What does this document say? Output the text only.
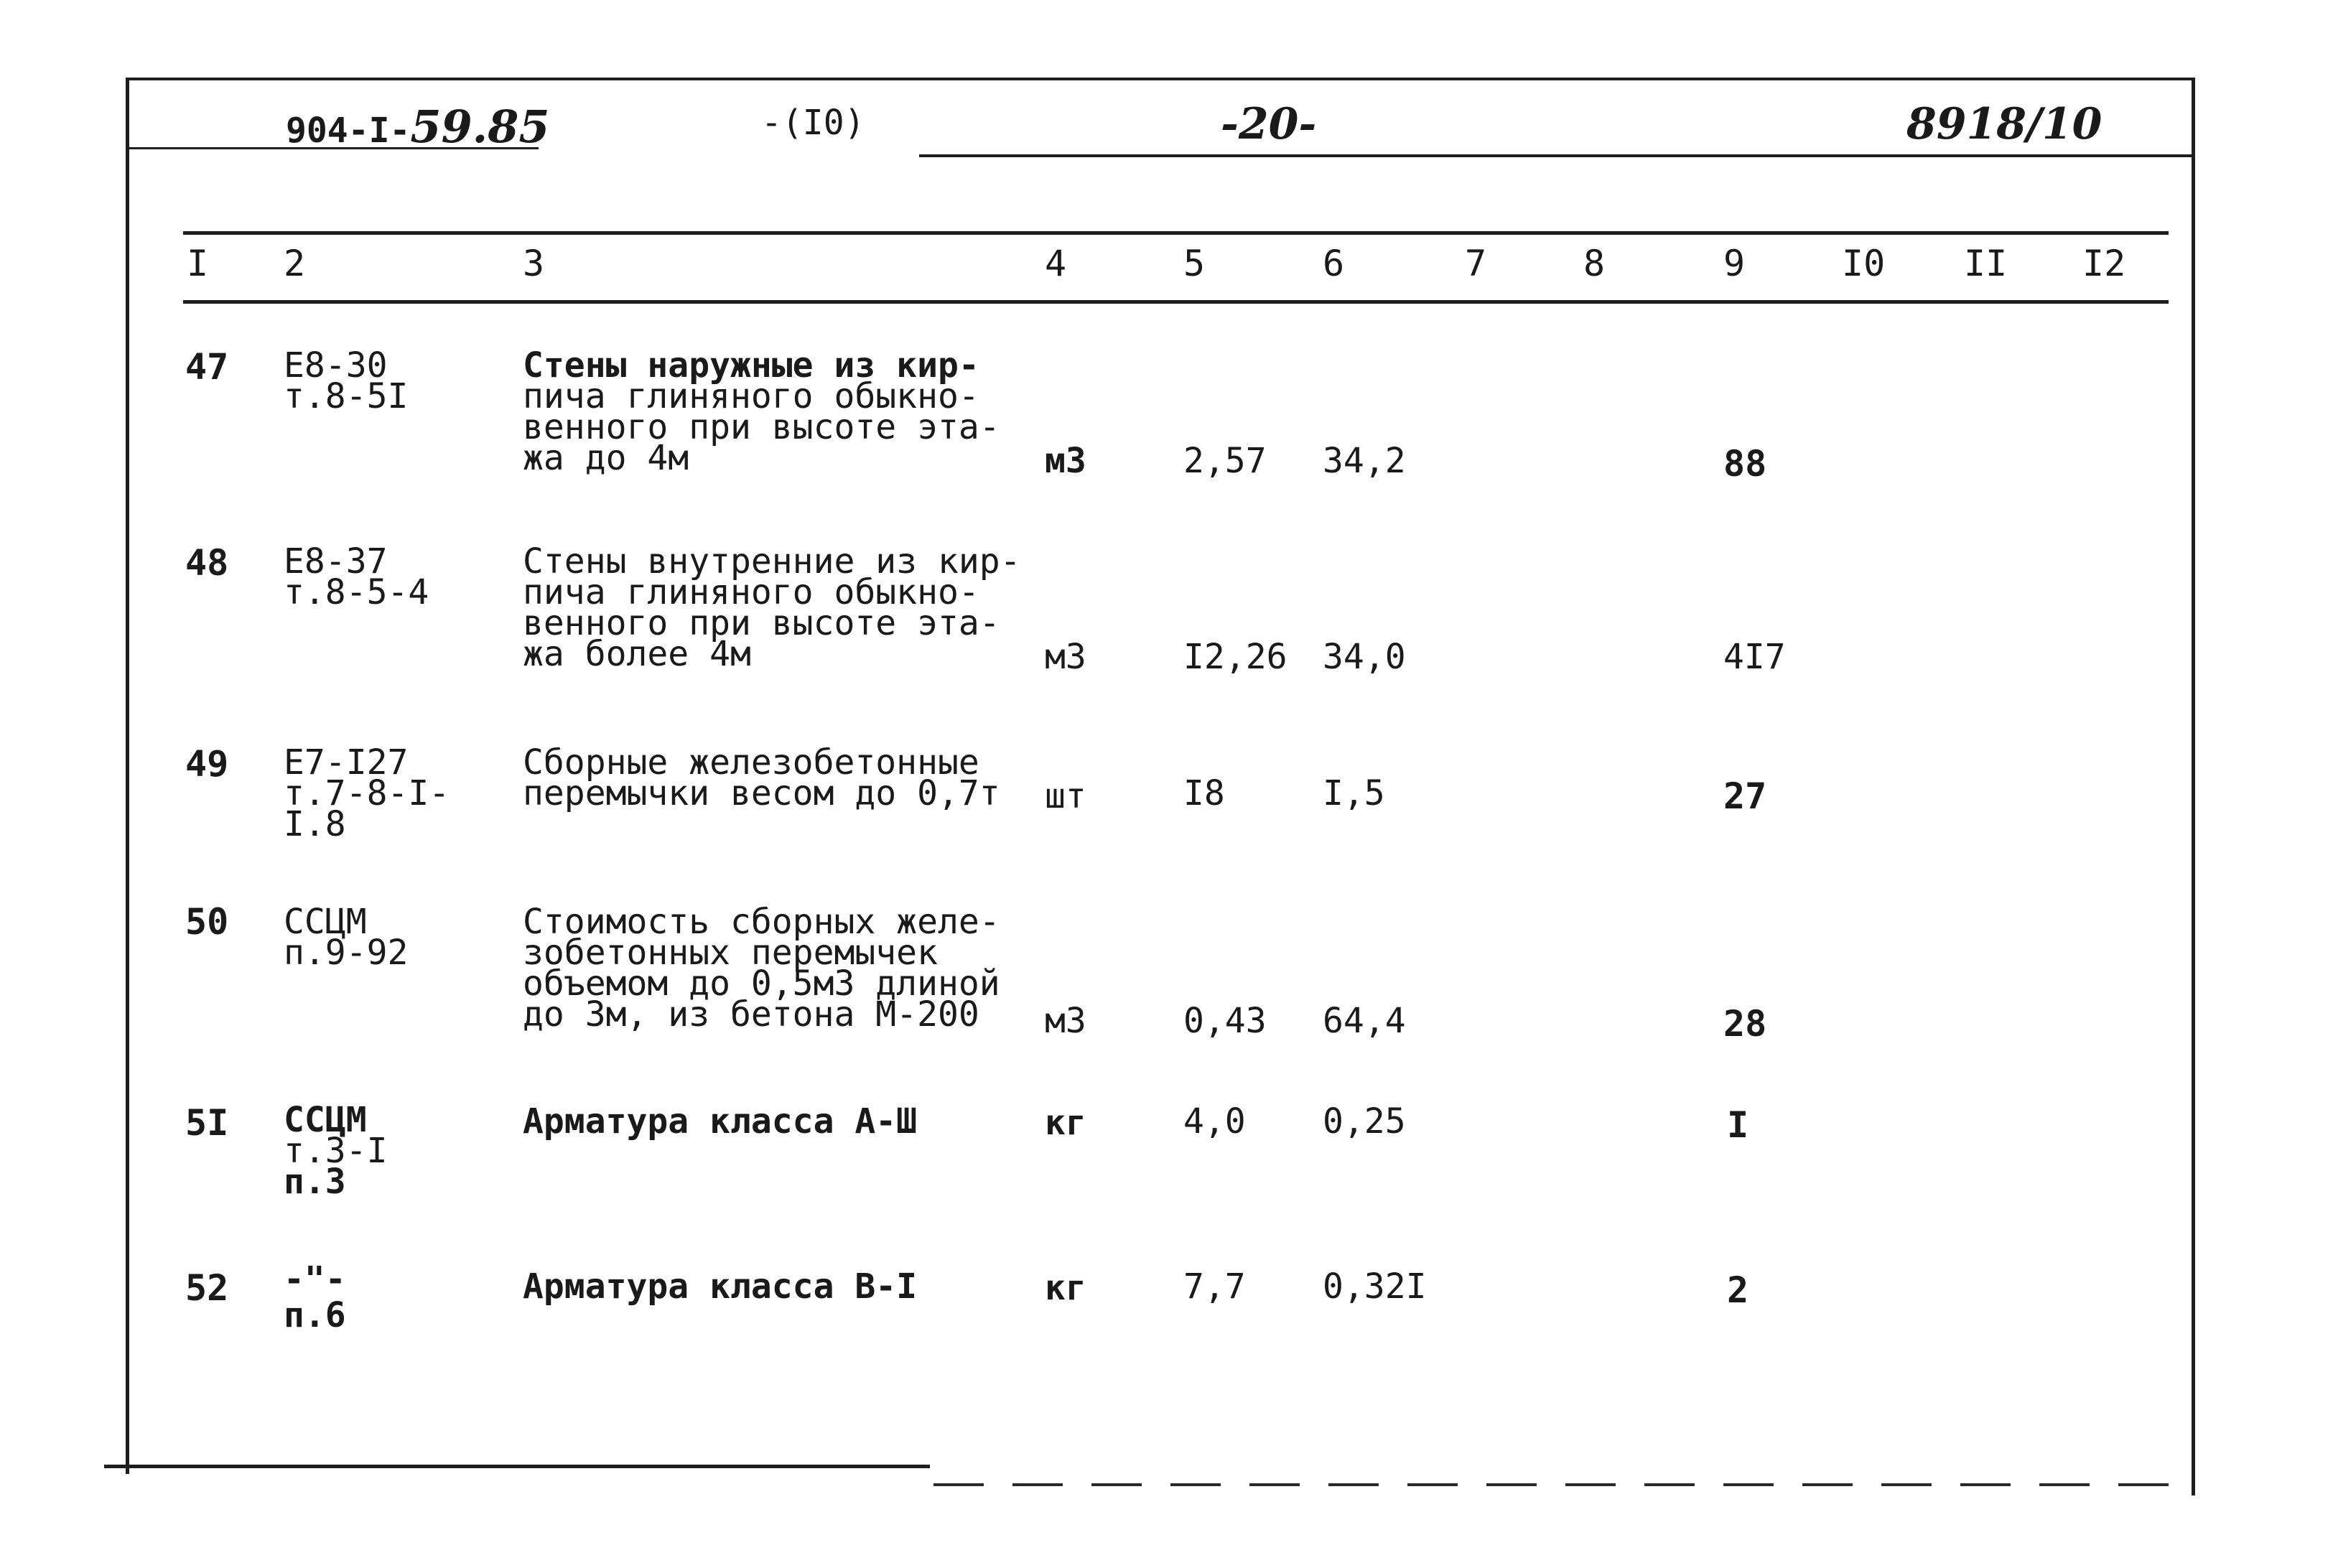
904-I-59.85	-(I0)	-20-	8918/10
I 2	3	4	5	6	7	8	9	I0 II I2
47 E8-30
т.8-5I
Стены наружные из кир-
пича глиняного обыкно-
венного при высоте эта-
жа до 4м	м3	2,57 34,2	88
48 E8-37
т.8-5-4
Стены внутренние из кир-
пича глиняного обыкно-
венного при высоте эта-
жа более 4м	м3	I2,26 34,0	4I7
49 E7-I27
т.7-8-I-
I.8
Сборные железобетонные
перемычки весом до 0,7т шт	I8	I,5	27
50 ССЦМ
п.9-92
Стоимость сборных желе-
зобетонных перемычек
объемом до 0,5м3 длиной
до 3м, из бетона М-200 м3	0,43 64,4	28
5I ССЦМ
т.3-I
п.3
Арматура класса А-Ш	кг	4,0 0,25	I
52 -"-
п.6
Арматура класса В-I	кг	7,7 0,32I	2
